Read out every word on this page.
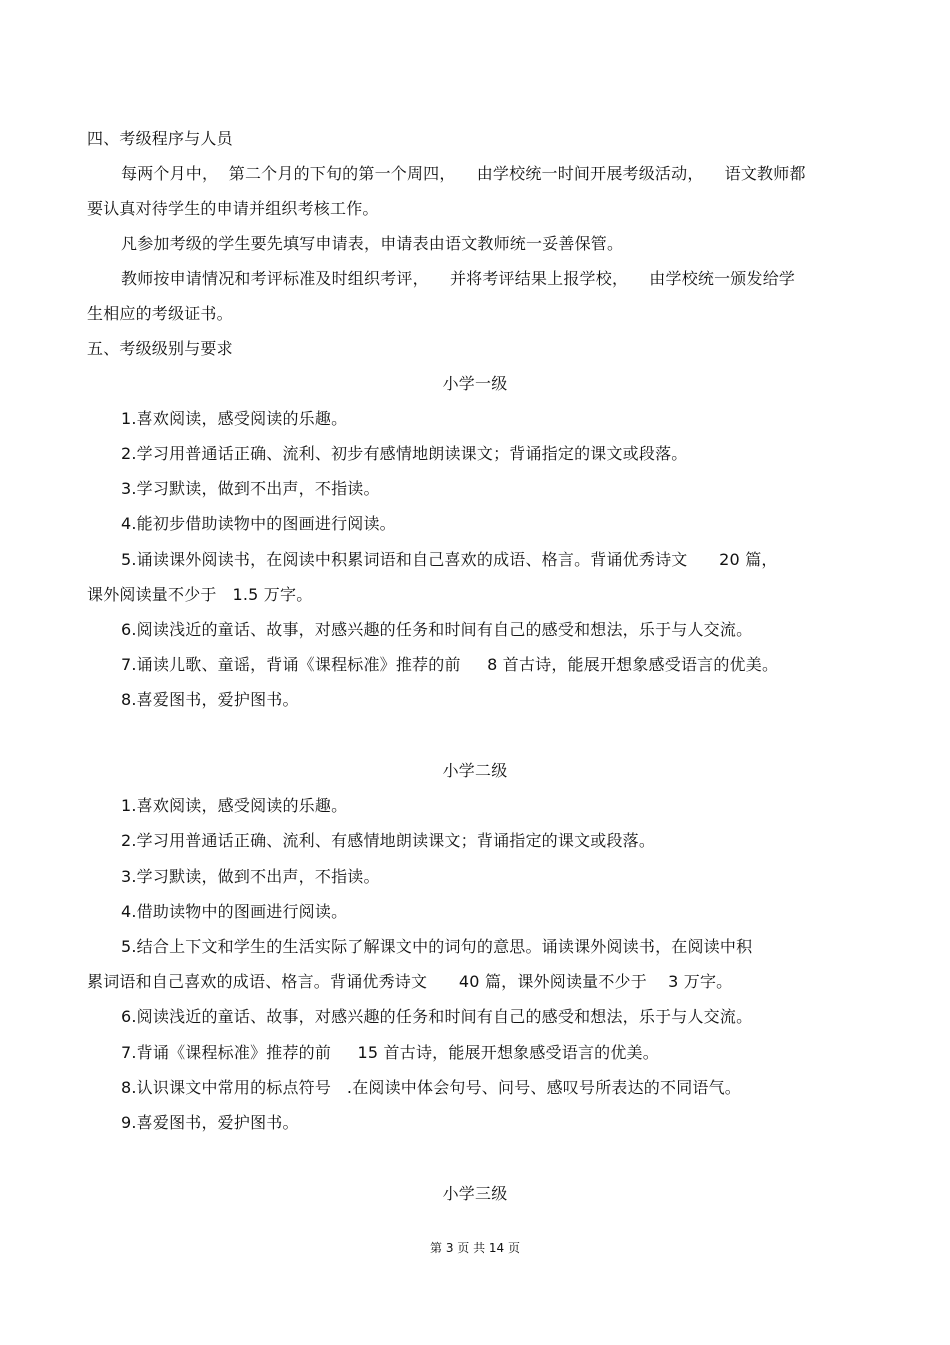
四、考级程序与人员
每两个月中，  第二个月的下旬的第一个周四，    由学校统一时间开展考级活动，    语文教师都
要认真对待学生的申请并组织考核工作。
凡参加考级的学生要先填写申请表，申请表由语文教师统一妥善保管。
教师按申请情况和考评标准及时组织考评，    并将考评结果上报学校，    由学校统一颁发给学
生相应的考级证书。
五、考级级别与要求
小学一级
1.喜欢阅读，感受阅读的乐趣。
2.学习用普通话正确、流利、初步有感情地朗读课文；背诵指定的课文或段落。
3.学习默读，做到不出声，不指读。
4.能初步借助读物中的图画进行阅读。
5.诵读课外阅读书，在阅读中积累词语和自己喜欢的成语、格言。背诵优秀诗文      20 篇，
课外阅读量不少于   1.5 万字。
6.阅读浅近的童话、故事，对感兴趣的任务和时间有自己的感受和想法，乐于与人交流。
7.诵读儿歌、童谣，背诵《课程标准》推荐的前     8 首古诗，能展开想象感受语言的优美。
8.喜爱图书，爱护图书。
小学二级
1.喜欢阅读，感受阅读的乐趣。
2.学习用普通话正确、流利、有感情地朗读课文；背诵指定的课文或段落。
3.学习默读，做到不出声，不指读。
4.借助读物中的图画进行阅读。
5.结合上下文和学生的生活实际了解课文中的词句的意思。诵读课外阅读书，在阅读中积
累词语和自己喜欢的成语、格言。背诵优秀诗文      40 篇，课外阅读量不少于    3 万字。
6.阅读浅近的童话、故事，对感兴趣的任务和时间有自己的感受和想法，乐于与人交流。
7.背诵《课程标准》推荐的前     15 首古诗，能展开想象感受语言的优美。
8.认识课文中常用的标点符号   .在阅读中体会句号、问号、感叹号所表达的不同语气。
9.喜爱图书，爱护图书。
小学三级
第 3 页 共 14 页
